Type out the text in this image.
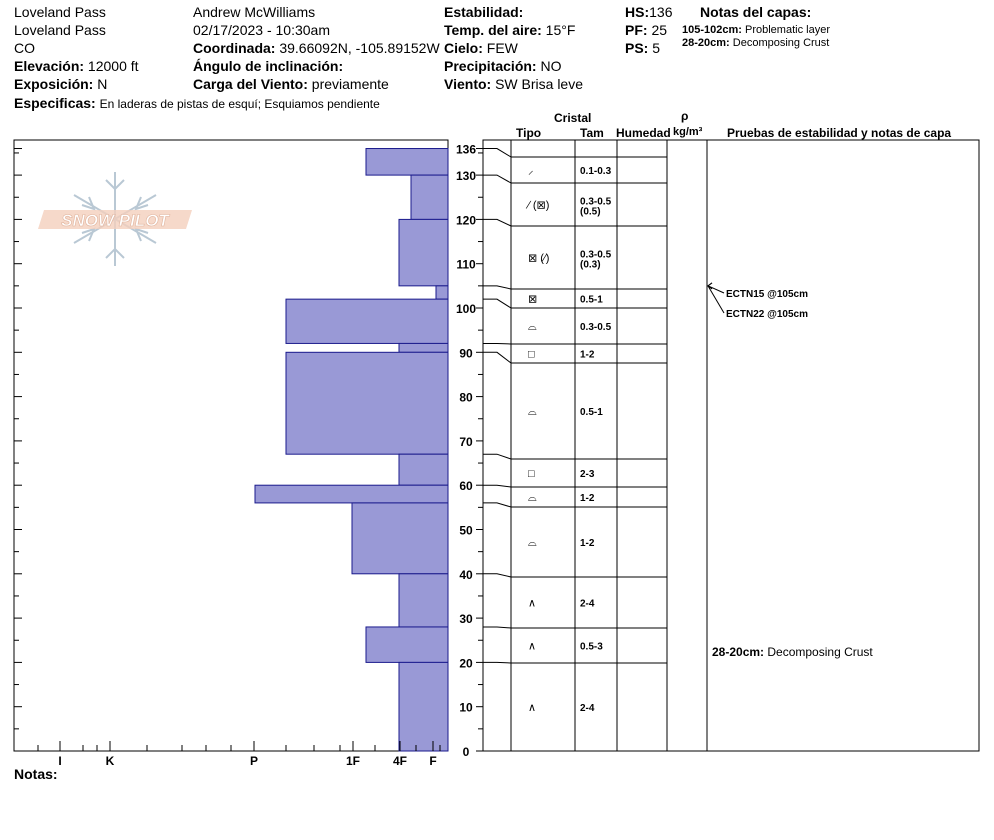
Loveland Pass
Loveland Pass
CO
Elevación: 12000 ft
Exposición: N
Especificas: En laderas de pistas de esquí; Esquiamos pendiente
Andrew McWilliams
02/17/2023 - 10:30am
Coordinada: 39.66092N, -105.89152W
Ángulo de inclinación:
Carga del Viento: previamente
Estabilidad:
Temp. del aire: 15°F
Cielo: FEW
Precipitación: NO
Viento: SW Brisa leve
HS:136
PF: 25
PS: 5
Notas del capas:
105-102cm: Problematic layer
28-20cm: Decomposing Crust
Cristal
Tipo	Tam Humedad
ρ
kg/m³ Pruebas de estabilidad y notas de capa
Notas:
SNOW PILOT
I	K	P	1F	4F F
0
10
20
30
40
50
60
70
80
90
100
110
120
130
136
⸝	0.1-0.3
∕ (⊠)	0.3-0.5
(0.5)
⊠ (∕)	0.3-0.5
(0.3)
⊠	0.5-1
⌓	0.3-0.5
□	1-2
⌓	0.5-1
□	2-3
⌓	1-2
⌓	1-2
∧	2-4
∧	0.5-3
∧	2-4
ECTN15 @105cm
ECTN22 @105cm
28-20cm: Decomposing Crust
